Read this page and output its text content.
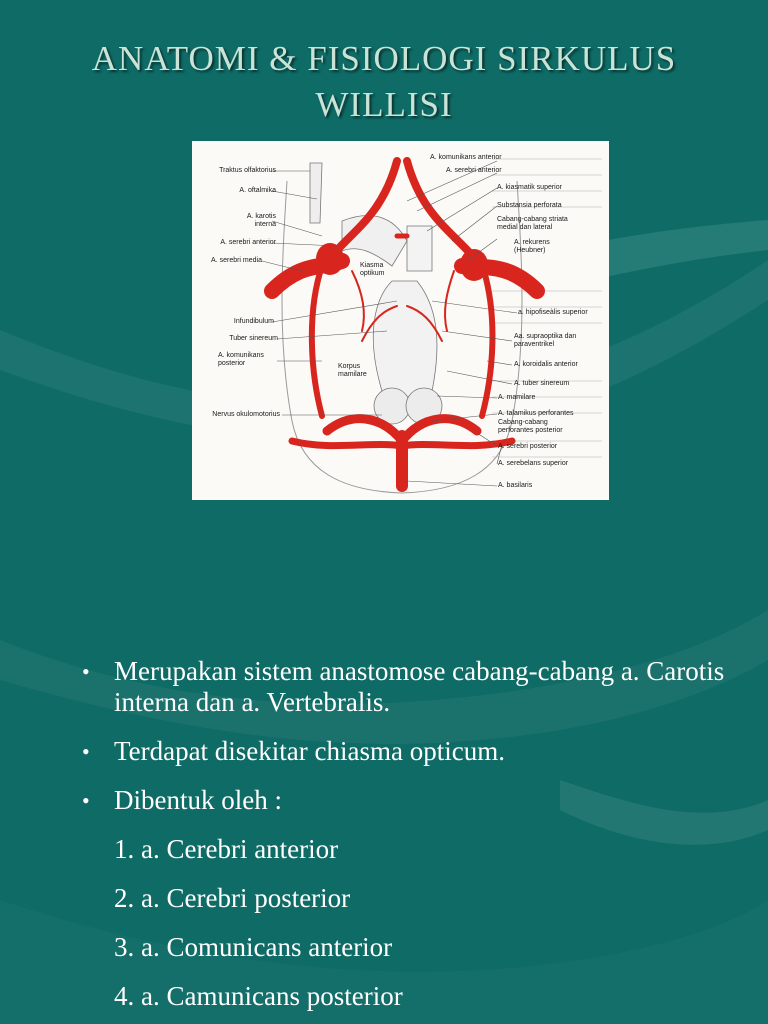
ANATOMI & FISIOLOGI SIRKULUS
WILLISI
Traktus olfaktorius
A. oftalmika
A. karotis interna
A. serebri anterior
A. serebri media
Infundibulum
Tuber sinereum
A. komunikans posterior
Nervus okulomotorius
Kiasma optikum
Korpus mamilare
A. komunikans anterior
A. serebri anterior
A. kiasmatik superior
Substansia perforata
Cabang-cabang striata medial dan lateral
A. rekurens (Heubner)
a. hipofiseàlis superior
Aa. supraoptika dan paraventrikel
A. koroidalis anterior
A. tuber sinereum
A. mamilare
A. talamikus perforantes
Cabang-cabang perforantes posterior
A. serebri posterior
A. serebelans superior
A. basilaris
• Merupakan sistem anastomose cabang-cabang a. Carotis interna dan a. Vertebralis.
• Terdapat disekitar chiasma opticum.
• Dibentuk oleh :
1. a. Cerebri anterior
2. a. Cerebri posterior
3. a. Comunicans anterior
4. a. Camunicans posterior
